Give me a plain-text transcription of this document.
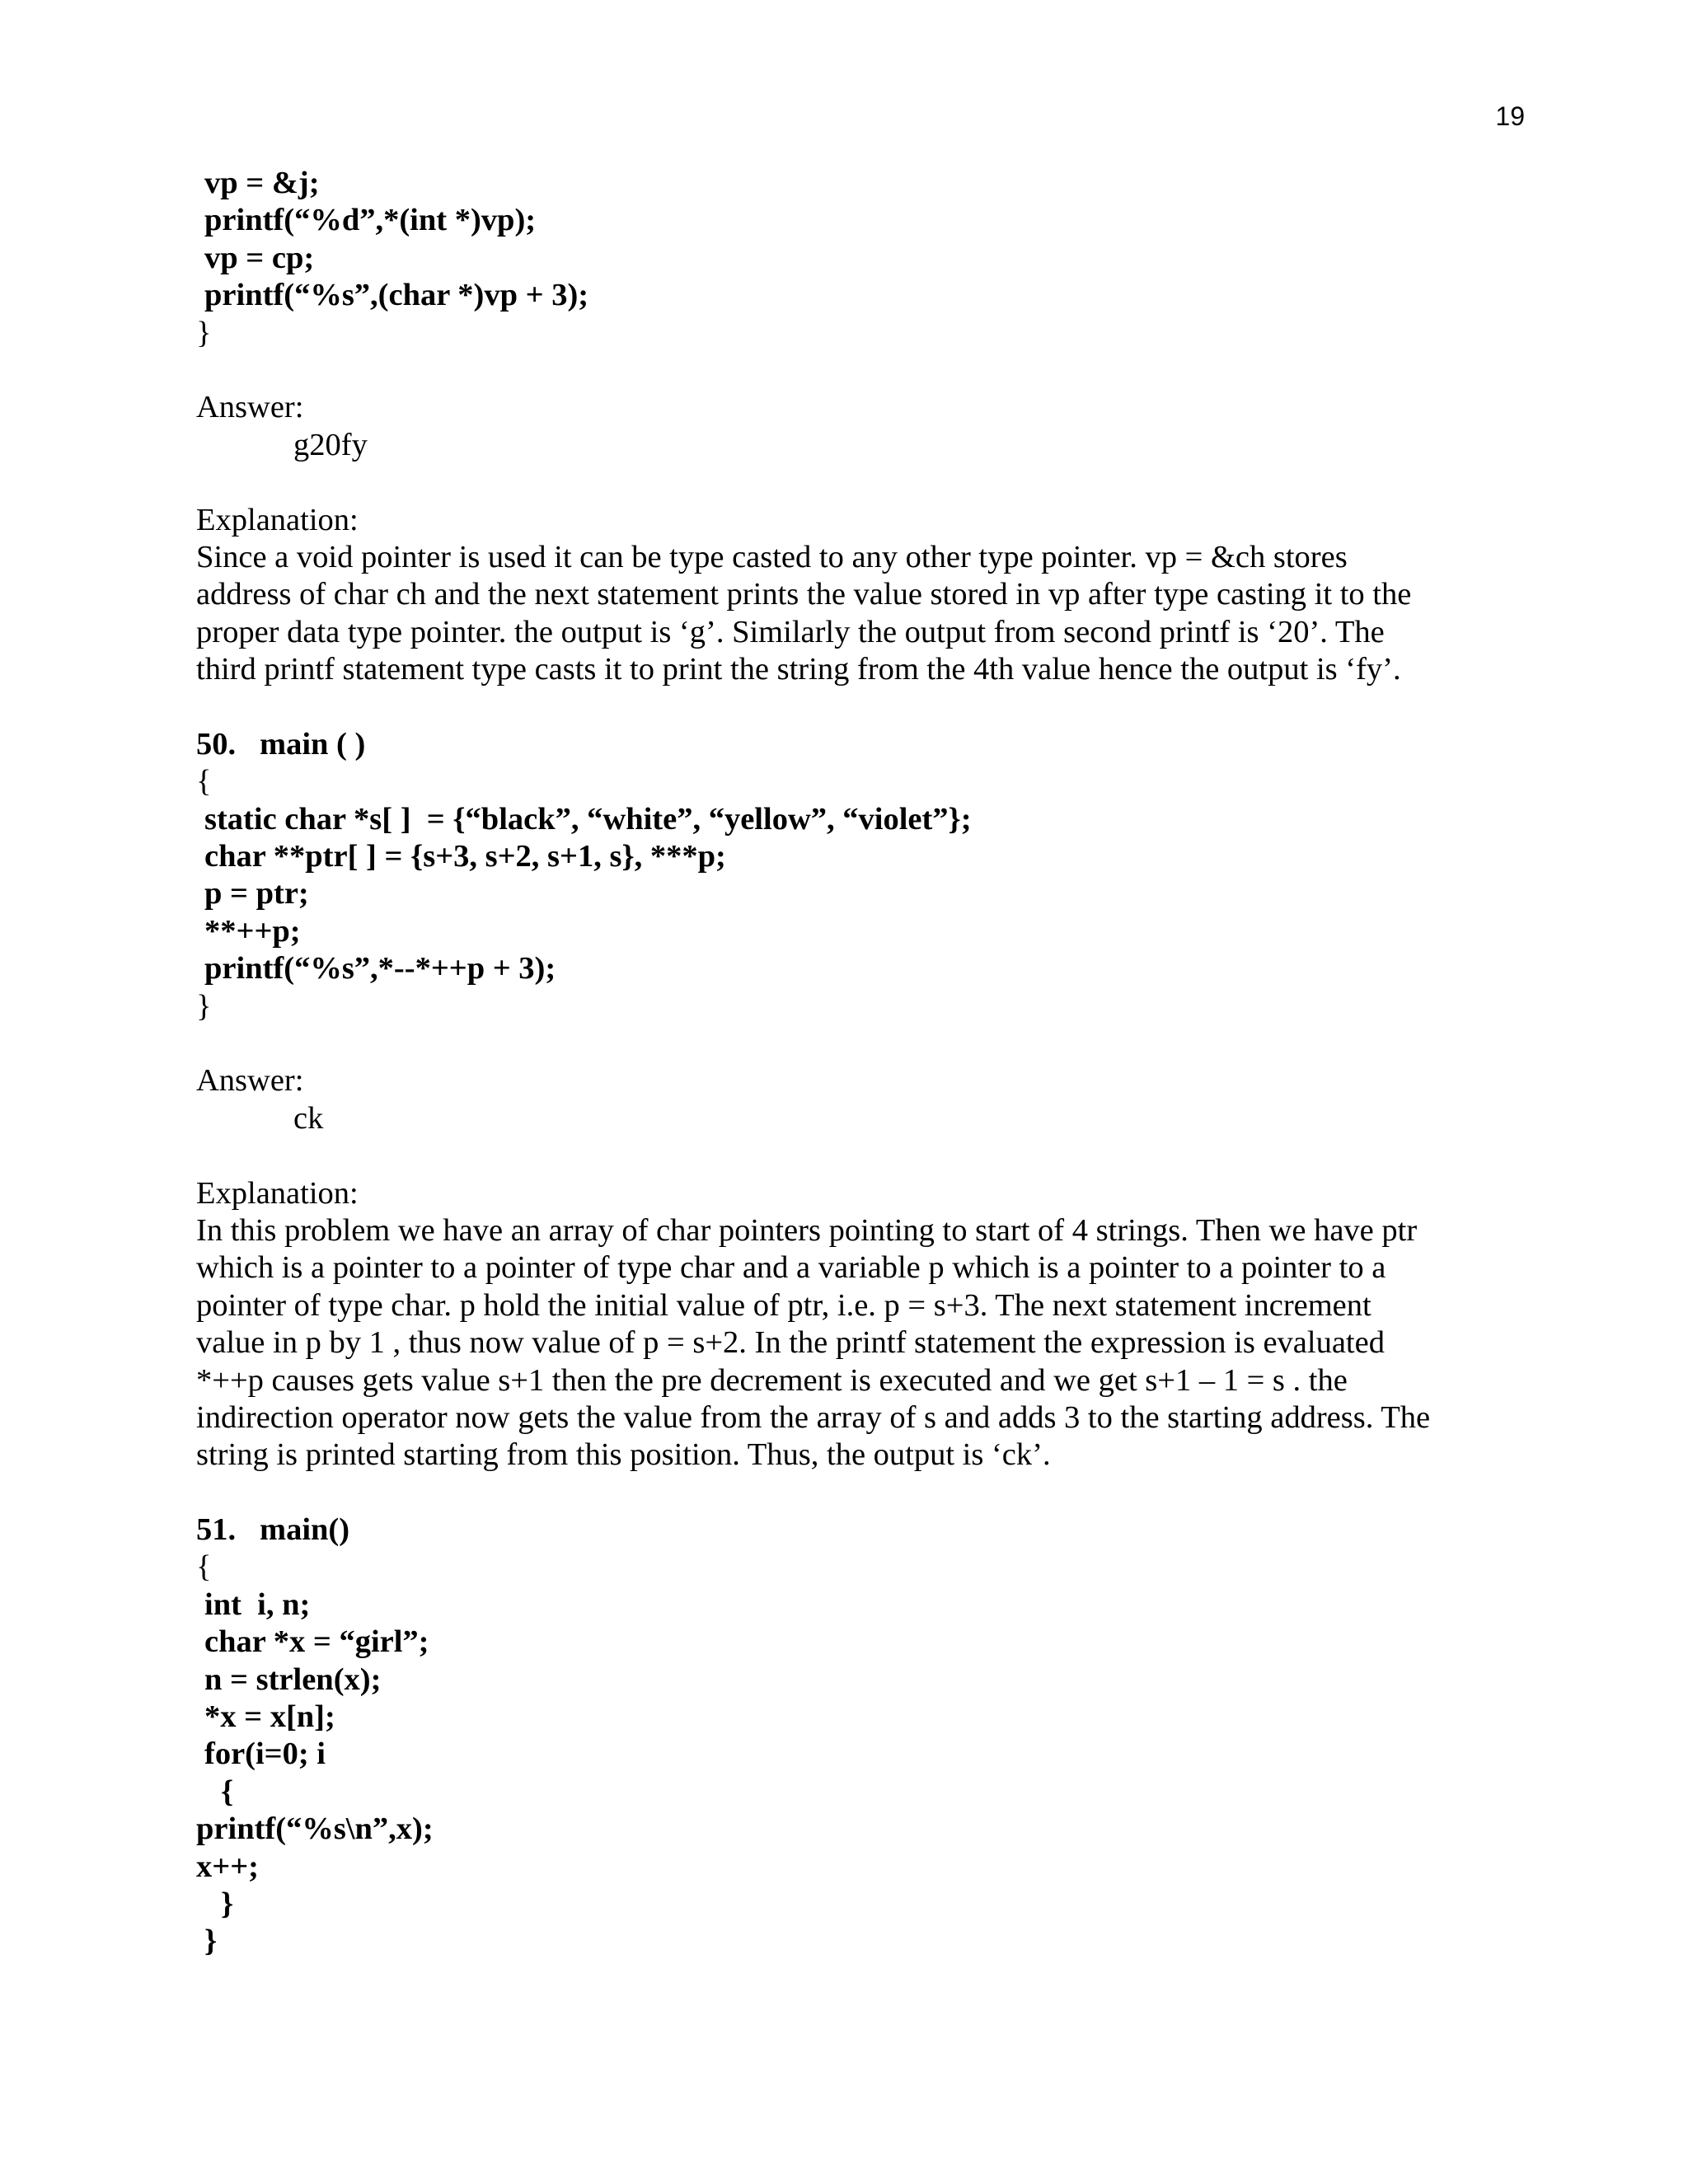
19
vp = &j;
printf(“%d”,*(int *)vp);
vp = cp;
printf(“%s”,(char *)vp + 3);
}
Answer:
g20fy
Explanation:
Since a void pointer is used it can be type casted to any other type pointer. vp = &ch stores
address of char ch and the next statement prints the value stored in vp after type casting it to the
proper data type pointer. the output is ‘g’. Similarly the output from second printf is ‘20’. The
third printf statement type casts it to print the string from the 4th value hence the output is ‘fy’.
50. main ( )
{
static char *s[ ]  = {“black”, “white”, “yellow”, “violet”};
char **ptr[ ] = {s+3, s+2, s+1, s}, ***p;
p = ptr;
**++p;
printf(“%s”,*--*++p + 3);
}
Answer:
ck
Explanation:
In this problem we have an array of char pointers pointing to start of 4 strings. Then we have ptr
which is a pointer to a pointer of type char and a variable p which is a pointer to a pointer to a
pointer of type char. p hold the initial value of ptr, i.e. p = s+3. The next statement increment
value in p by 1 , thus now value of p = s+2. In the printf statement the expression is evaluated
*++p causes gets value s+1 then the pre decrement is executed and we get s+1 – 1 = s . the
indirection operator now gets the value from the array of s and adds 3 to the starting address. The
string is printed starting from this position. Thus, the output is ‘ck’.
51. main()
{
int  i, n;
char *x = “girl”;
n = strlen(x);
*x = x[n];
for(i=0; i
{
printf(“%s\n”,x);
x++;
}
}
